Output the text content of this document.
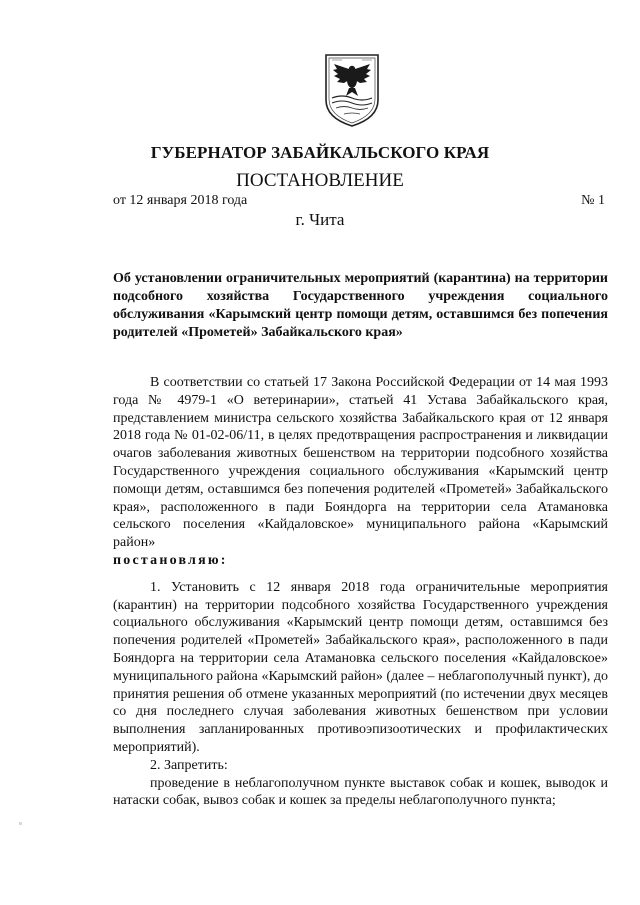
ГУБЕРНАТОР ЗАБАЙКАЛЬСКОГО КРАЯ
ПОСТАНОВЛЕНИЕ
от 12 января 2018 года	№ 1
г. Чита
Об установлении ограничительных мероприятий (карантина) на территории подсобного хозяйства Государственного учреждения социального обслуживания «Карымский центр помощи детям, оставшимся без попечения родителей «Прометей» Забайкальского края»

В соответствии со статьей 17 Закона Российской Федерации от 14 мая 1993 года № 4979-1 «О ветеринарии», статьей 41 Устава Забайкальского края, представлением министра сельского хозяйства Забайкальского края от 12 января 2018 года № 01-02-06/11, в целях предотвращения распространения и ликвидации очагов заболевания животных бешенством на территории подсобного хозяйства Государственного учреждения социального обслуживания «Карымский центр помощи детям, оставшимся без попечения родителей «Прометей» Забайкальского края», расположенного в пади Бояндорга на территории села Атамановка сельского поселения «Кайдаловское» муниципального района «Карымский район»

постановляю:

1. Установить с 12 января 2018 года ограничительные мероприятия (карантин) на территории подсобного хозяйства Государственного учреждения социального обслуживания «Карымский центр помощи детям, оставшимся без попечения родителей «Прометей» Забайкальского края», расположенного в пади Бояндорга на территории села Атамановка сельского поселения «Кайдаловское» муниципального района «Карымский район» (далее – неблагополучный пункт), до принятия решения об отмене указанных мероприятий (по истечении двух месяцев со дня последнего случая заболевания животных бешенством при условии выполнения запланированных противоэпизоотических и профилактических мероприятий).

2. Запретить:

проведение в неблагополучном пункте выставок собак и кошек, выводок и натаски собак, вывоз собак и кошек за пределы неблагополучного пункта;
